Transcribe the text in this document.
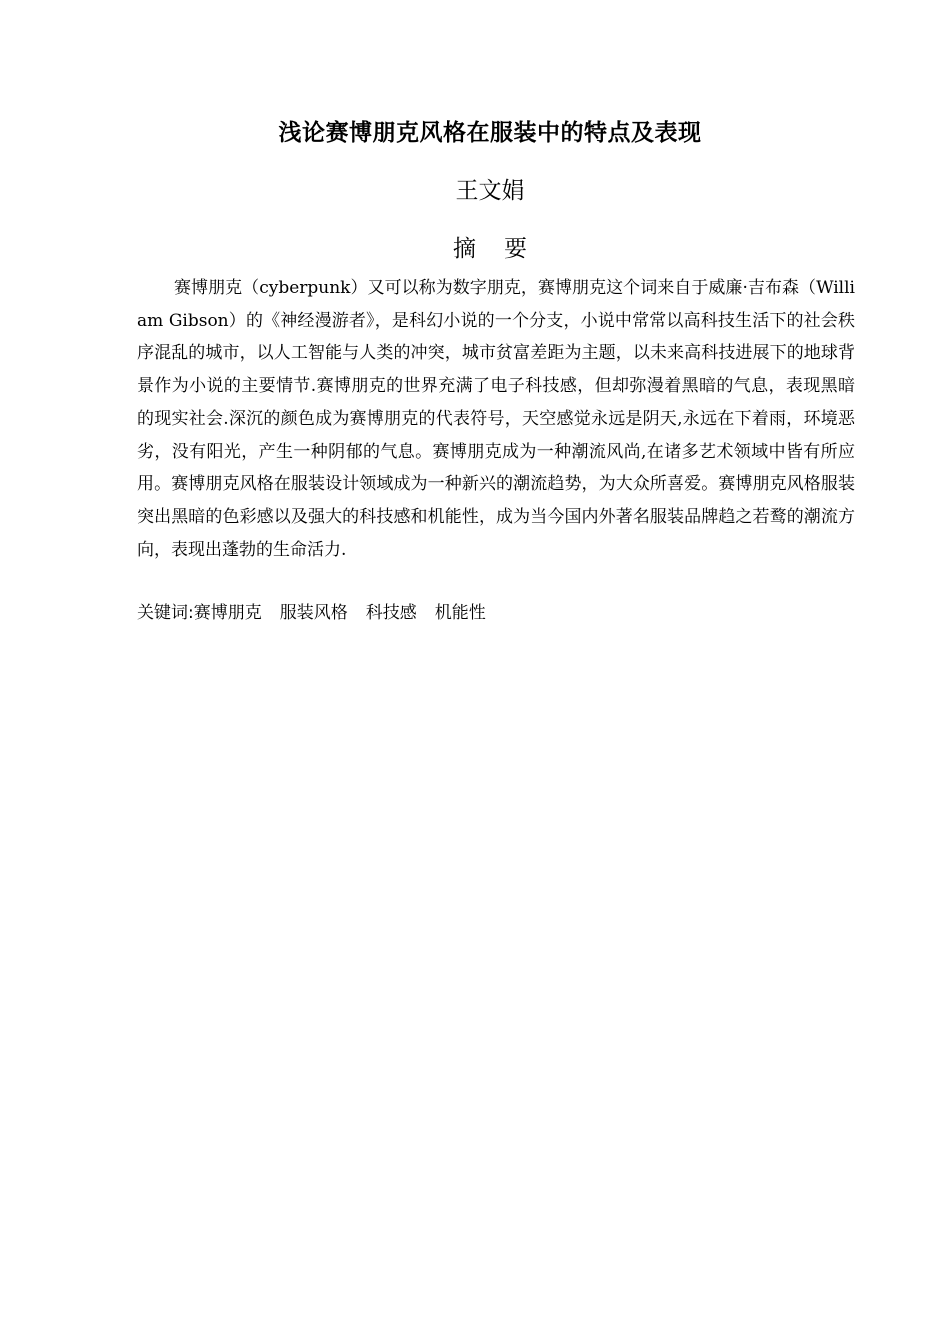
浅论赛博朋克风格在服装中的特点及表现
王文娟
摘要

赛博朋克（cyberpunk）又可以称为数字朋克，赛博朋克这个词来自于威廉·吉布森（William Gibson）的《神经漫游者》，是科幻小说的一个分支，小说中常常以高科技生活下的社会秩序混乱的城市，以人工智能与人类的冲突，城市贫富差距为主题，以未来高科技进展下的地球背景作为小说的主要情节.赛博朋克的世界充满了电子科技感，但却弥漫着黑暗的气息，表现黑暗的现实社会.深沉的颜色成为赛博朋克的代表符号，天空感觉永远是阴天,永远在下着雨，环境恶劣，没有阳光，产生一种阴郁的气息。赛博朋克成为一种潮流风尚,在诸多艺术领域中皆有所应用。赛博朋克风格在服装设计领域成为一种新兴的潮流趋势，为大众所喜爱。赛博朋克风格服装突出黑暗的色彩感以及强大的科技感和机能性，成为当今国内外著名服装品牌趋之若鹜的潮流方向，表现出蓬勃的生命活力.

关键词:赛博朋克 服装风格 科技感 机能性
